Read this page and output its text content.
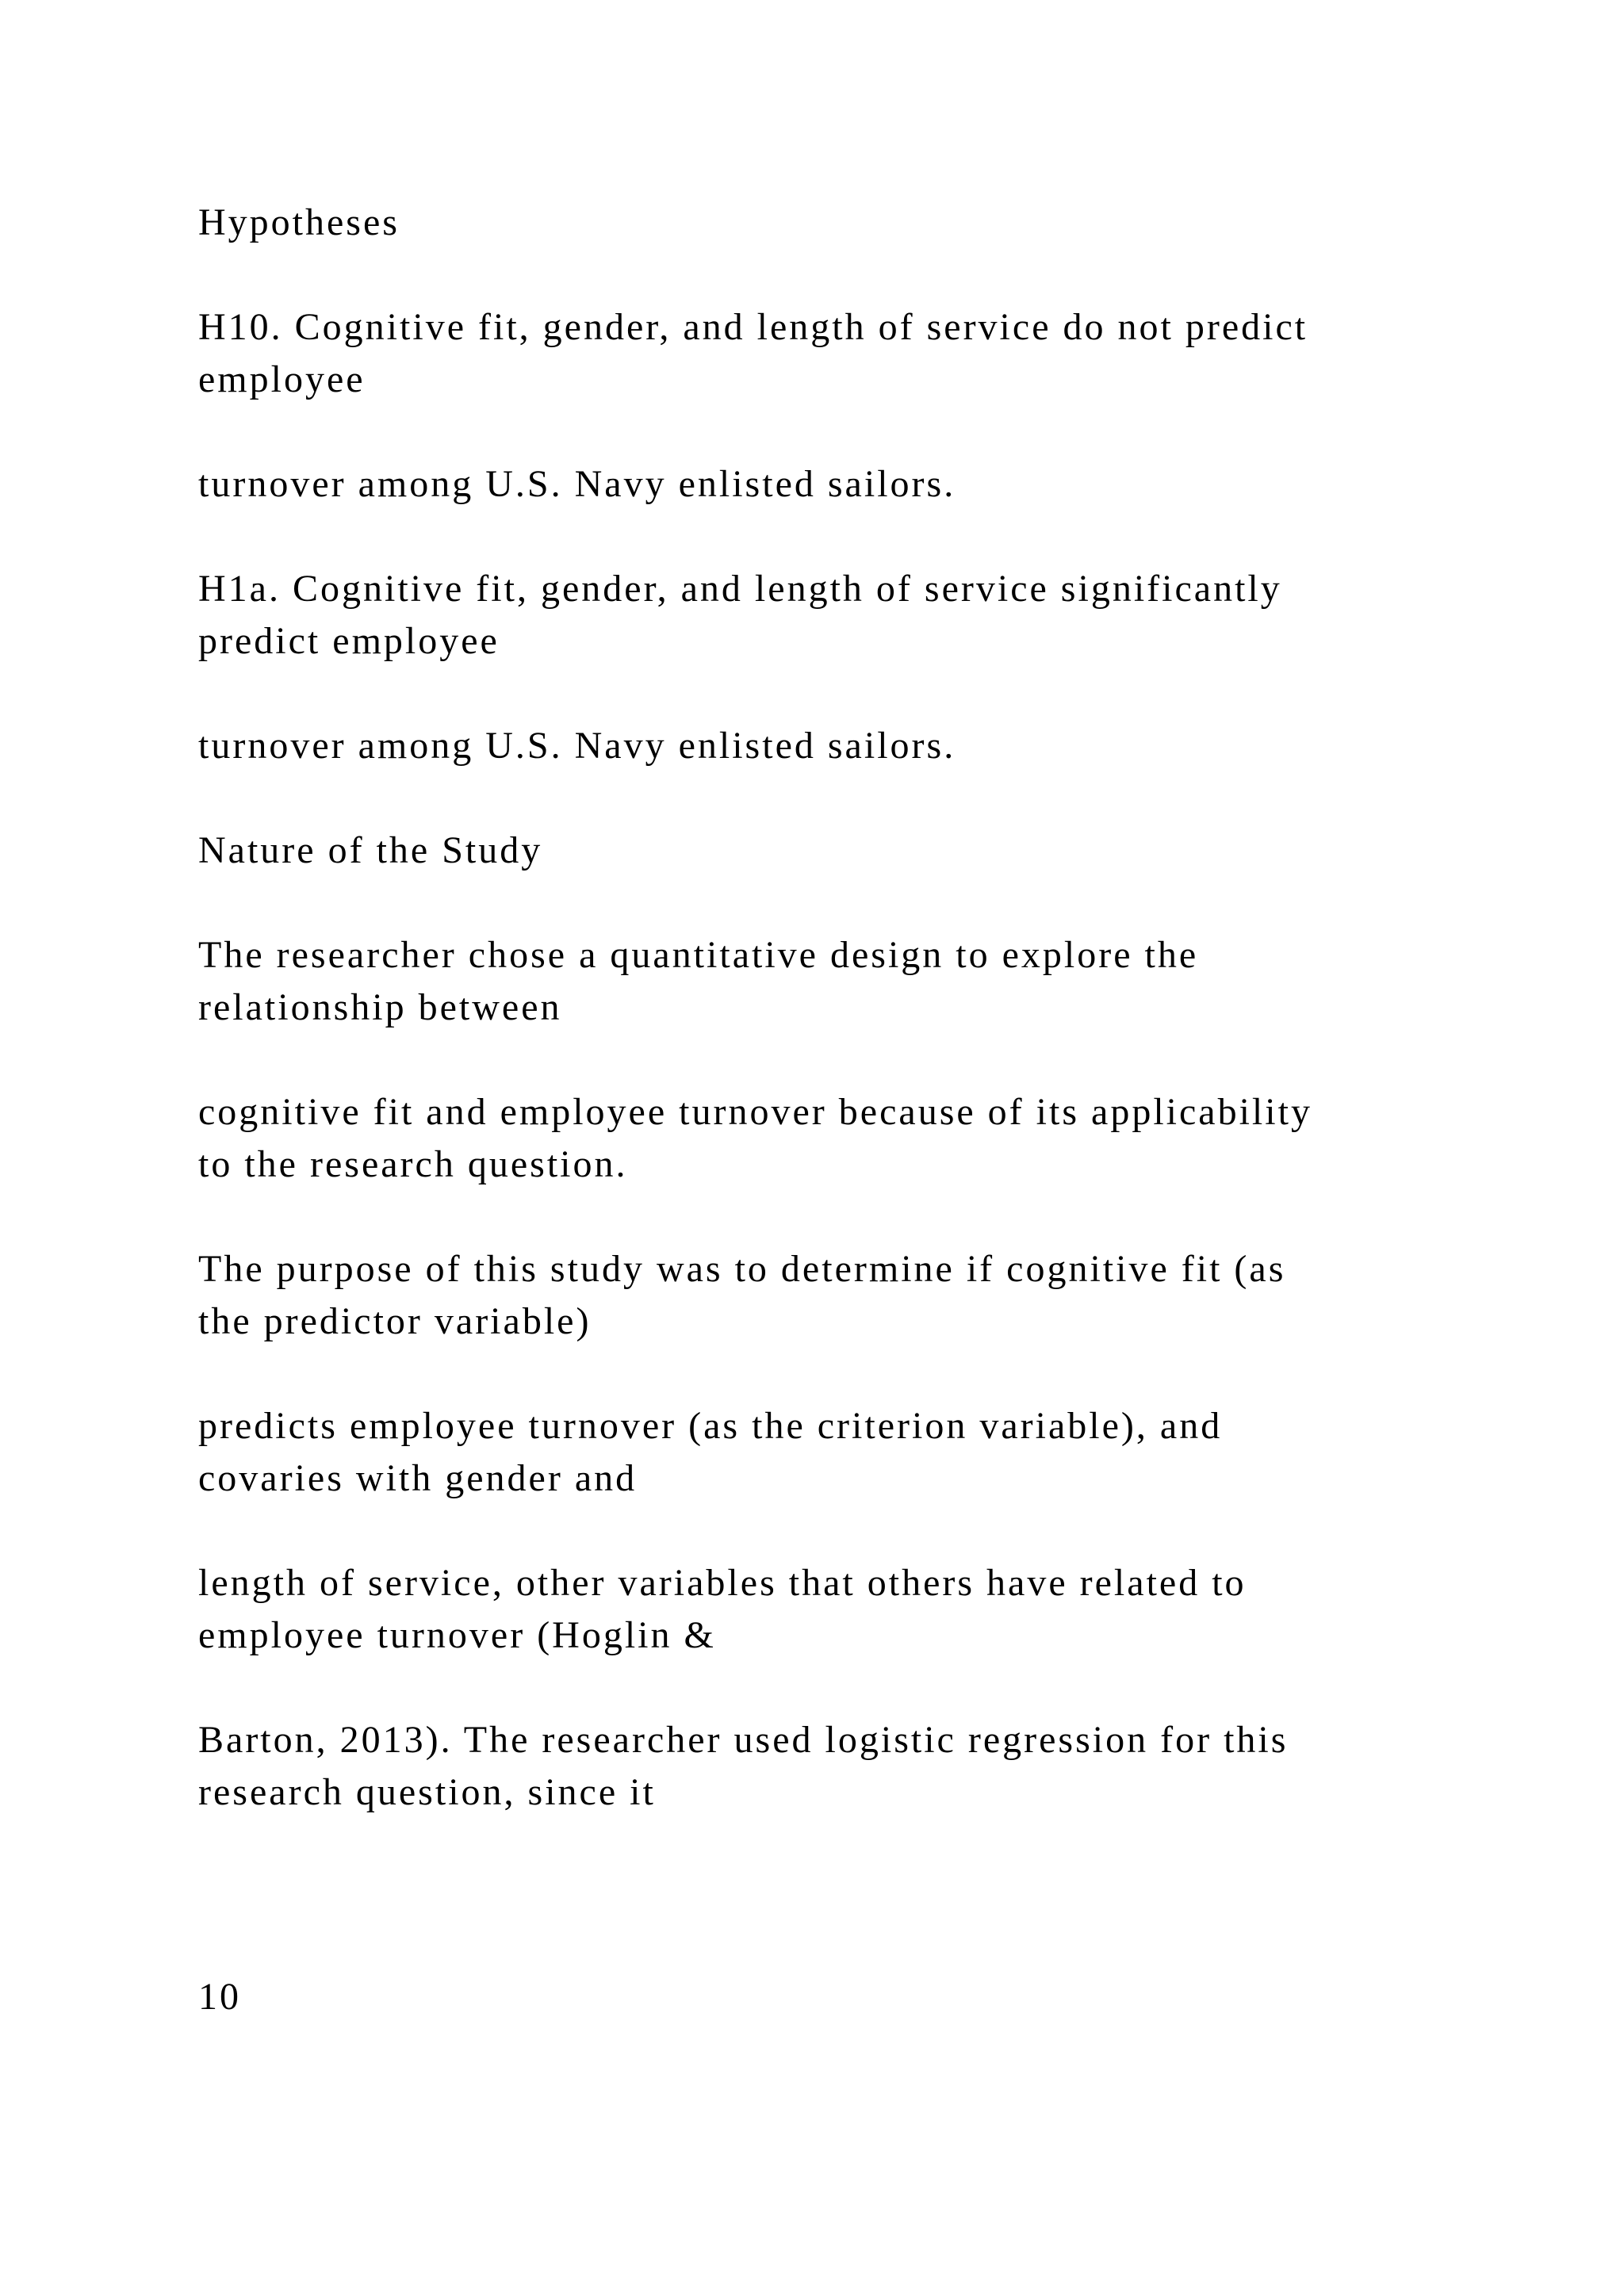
Hypotheses

H10. Cognitive fit, gender, and length of service do not predict
employee

turnover among U.S. Navy enlisted sailors.

H1a. Cognitive fit, gender, and length of service significantly
predict employee

turnover among U.S. Navy enlisted sailors.

Nature of the Study

The researcher chose a quantitative design to explore the
relationship between

cognitive fit and employee turnover because of its applicability
to the research question.

The purpose of this study was to determine if cognitive fit (as
the predictor variable)

predicts employee turnover (as the criterion variable), and
covaries with gender and

length of service, other variables that others have related to
employee turnover (Hoglin &

Barton, 2013). The researcher used logistic regression for this
research question, since it

10
